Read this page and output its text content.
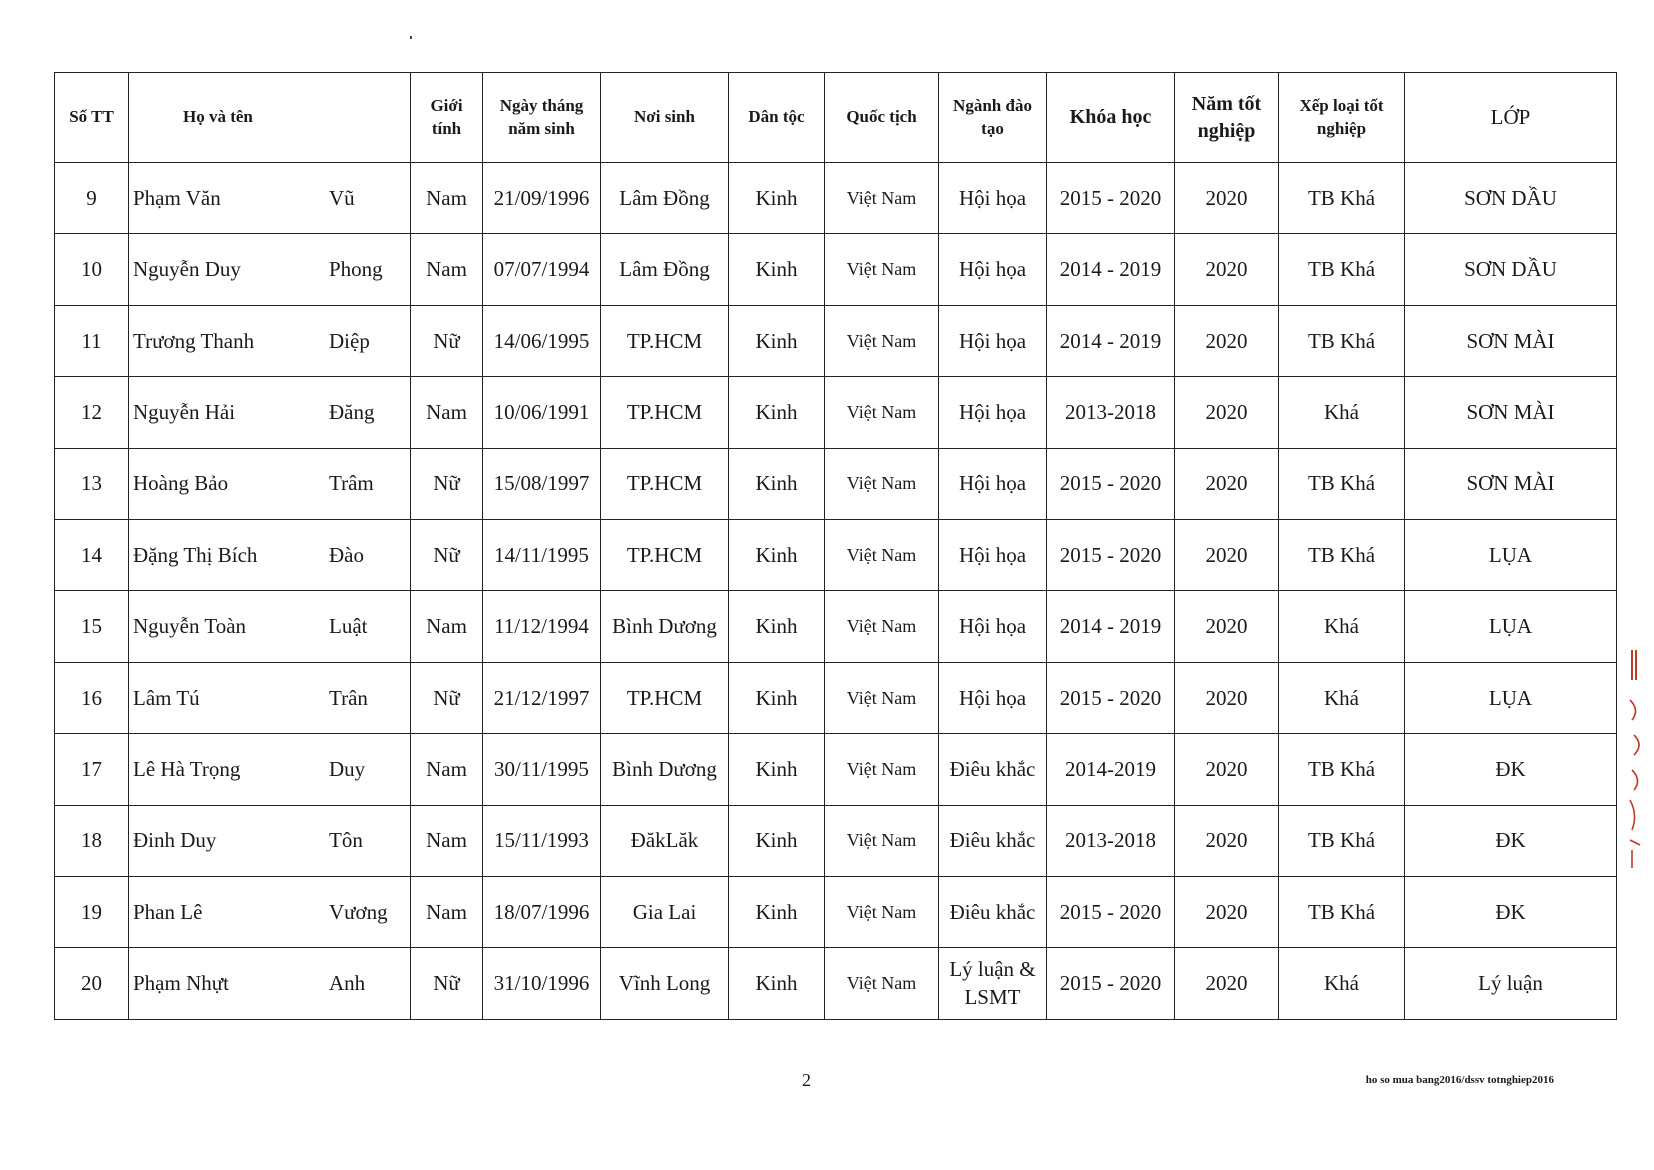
Số TT	Họ và tên	Giới tính	Ngày tháng năm sinh	Nơi sinh	Dân tộc	Quốc tịch	Ngành đào tạo	Khóa học	Năm tốt nghiệp	Xếp loại tốt nghiệp	LỚP
9	Phạm Văn Vũ	Nam	21/09/1996	Lâm Đồng	Kinh	Việt Nam	Hội họa	2015 - 2020	2020	TB Khá	SƠN DẦU
10	Nguyễn Duy Phong	Nam	07/07/1994	Lâm Đồng	Kinh	Việt Nam	Hội họa	2014 - 2019	2020	TB Khá	SƠN DẦU
11	Trương Thanh Diệp	Nữ	14/06/1995	TP.HCM	Kinh	Việt Nam	Hội họa	2014 - 2019	2020	TB Khá	SƠN MÀI
12	Nguyễn Hải Đăng	Nam	10/06/1991	TP.HCM	Kinh	Việt Nam	Hội họa	2013-2018	2020	Khá	SƠN MÀI
13	Hoàng Bảo Trâm	Nữ	15/08/1997	TP.HCM	Kinh	Việt Nam	Hội họa	2015 - 2020	2020	TB Khá	SƠN MÀI
14	Đặng Thị Bích Đào	Nữ	14/11/1995	TP.HCM	Kinh	Việt Nam	Hội họa	2015 - 2020	2020	TB Khá	LỤA
15	Nguyễn Toàn Luật	Nam	11/12/1994	Bình Dương	Kinh	Việt Nam	Hội họa	2014 - 2019	2020	Khá	LỤA
16	Lâm Tú Trân	Nữ	21/12/1997	TP.HCM	Kinh	Việt Nam	Hội họa	2015 - 2020	2020	Khá	LỤA
17	Lê Hà Trọng Duy	Nam	30/11/1995	Bình Dương	Kinh	Việt Nam	Điêu khắc	2014-2019	2020	TB Khá	ĐK
18	Đinh Duy Tôn	Nam	15/11/1993	ĐăkLăk	Kinh	Việt Nam	Điêu khắc	2013-2018	2020	TB Khá	ĐK
19	Phan Lê Vương	Nam	18/07/1996	Gia Lai	Kinh	Việt Nam	Điêu khắc	2015 - 2020	2020	TB Khá	ĐK
20	Phạm Nhựt Anh	Nữ	31/10/1996	Vĩnh Long	Kinh	Việt Nam	Lý luận & LSMT	2015 - 2020	2020	Khá	Lý luận
2	ho so mua bang2016/dssv totnghiep2016
